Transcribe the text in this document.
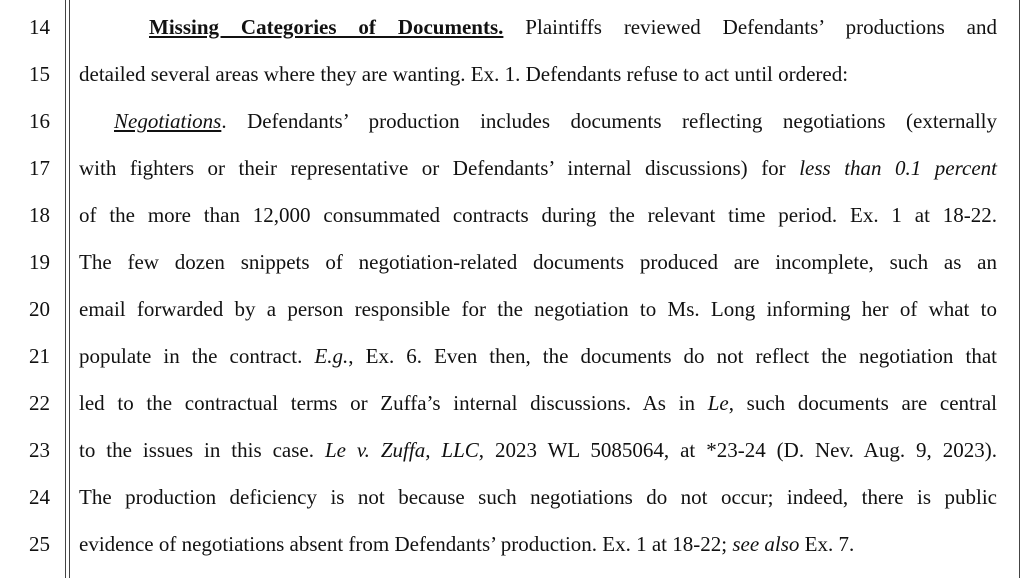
14	Missing Categories of Documents. Plaintiffs reviewed Defendants’ productions and
15 detailed several areas where they are wanting. Ex. 1. Defendants refuse to act until ordered:
16	Negotiations. Defendants’ production includes documents reflecting negotiations (externally
17 with fighters or their representative or Defendants’ internal discussions) for less than 0.1 percent
18 of the more than 12,000 consummated contracts during the relevant time period. Ex. 1 at 18-22.
19 The few dozen snippets of negotiation-related documents produced are incomplete, such as an
20 email forwarded by a person responsible for the negotiation to Ms. Long informing her of what to
21 populate in the contract. E.g., Ex. 6. Even then, the documents do not reflect the negotiation that
22 led to the contractual terms or Zuffa’s internal discussions. As in Le, such documents are central
23 to the issues in this case. Le v. Zuffa, LLC, 2023 WL 5085064, at *23-24 (D. Nev. Aug. 9, 2023).
24 The production deficiency is not because such negotiations do not occur; indeed, there is public
25 evidence of negotiations absent from Defendants’ production. Ex. 1 at 18-22; see also Ex. 7.
